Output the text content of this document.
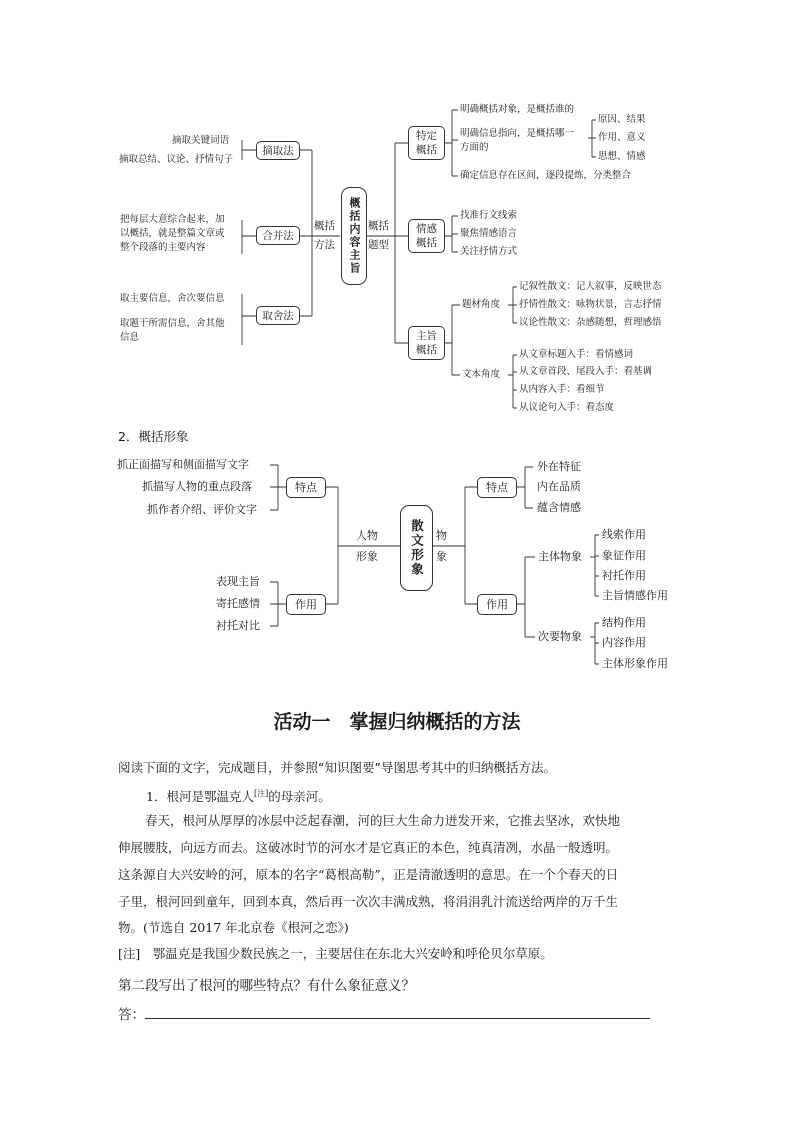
概括内容主旨
概括
方法
概括
题型
摘取关键词语
摘取总结、议论、抒情句子
摘取法
把每层大意综合起来，加
以概括，就是整篇文章或
整个段落的主要内容
合并法
取主要信息，舍次要信息
取题干所需信息，舍其他
信息
取舍法
特定
概括
明确概括对象，是概括谁的
明确信息指向，是概括哪一
方面的
确定信息存在区间，逐段提炼，分类整合
原因、结果
作用、意义
思想、情感
情感
概括
找准行文线索
聚焦情感语言
关注抒情方式
主旨
概括
题材角度
记叙性散文：记人叙事，反映世态
抒情性散文：咏物状景，言志抒情
议论性散文：杂感随想，哲理感悟
文本角度
从文章标题入手：看情感词
从文章首段、尾段入手：看基调
从内容入手：看细节
从议论句入手：看态度
2．概括形象
抓正面描写和侧面描写文字
抓描写人物的重点段落
抓作者介绍、评价文字
特点
表现主旨
寄托感情
衬托对比
作用
人物
形象	散文形象 物
象
特点
外在特征
内在品质
蕴含情感
作用
主体物象
线索作用
象征作用
衬托作用
主旨情感作用
次要物象
结构作用
内容作用
主体形象作用
活动一　掌握归纳概括的方法
阅读下面的文字，完成题目，并参照“知识图要”导图思考其中的归纳概括方法。
1．根河是鄂温克人[注]的母亲河。
春天，根河从厚厚的冰层中泛起春潮，河的巨大生命力迸发开来，它推去坚冰，欢快地
伸展腰肢，向远方而去。这破冰时节的河水才是它真正的本色，纯真清冽，水晶一般透明。
这条源自大兴安岭的河，原本的名字“葛根高勒”，正是清澈透明的意思。在一个个春天的日
子里，根河回到童年，回到本真，然后再一次次丰满成熟，将涓涓乳汁流送给两岸的万千生
物。(节选自 2017 年北京卷《根河之恋》)
[注]　鄂温克是我国少数民族之一，主要居住在东北大兴安岭和呼伦贝尔草原。
第二段写出了根河的哪些特点？有什么象征意义？
答：
